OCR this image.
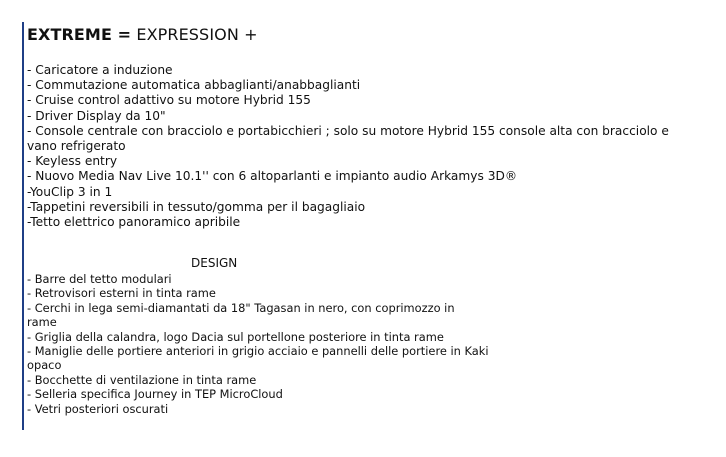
EXTREME = EXPRESSION +
- Caricatore a induzione
- Commutazione automatica abbaglianti/anabbaglianti
- Cruise control adattivo su motore Hybrid 155
- Driver Display da 10"
- Console centrale con bracciolo e portabicchieri ; solo su motore Hybrid 155 console alta con bracciolo e
vano refrigerato
- Keyless entry
- Nuovo Media Nav Live 10.1'' con 6 altoparlanti e impianto audio Arkamys 3D®
-YouClip 3 in 1
-Tappetini reversibili in tessuto/gomma per il bagagliaio
-Tetto elettrico panoramico apribile
DESIGN
- Barre del tetto modulari
- Retrovisori esterni in tinta rame
- Cerchi in lega semi-diamantati da 18" Tagasan in nero, con coprimozzo in
rame
- Griglia della calandra, logo Dacia sul portellone posteriore in tinta rame
- Maniglie delle portiere anteriori in grigio acciaio e pannelli delle portiere in Kaki
opaco
- Bocchette di ventilazione in tinta rame
- Selleria specifica Journey in TEP MicroCloud
- Vetri posteriori oscurati
